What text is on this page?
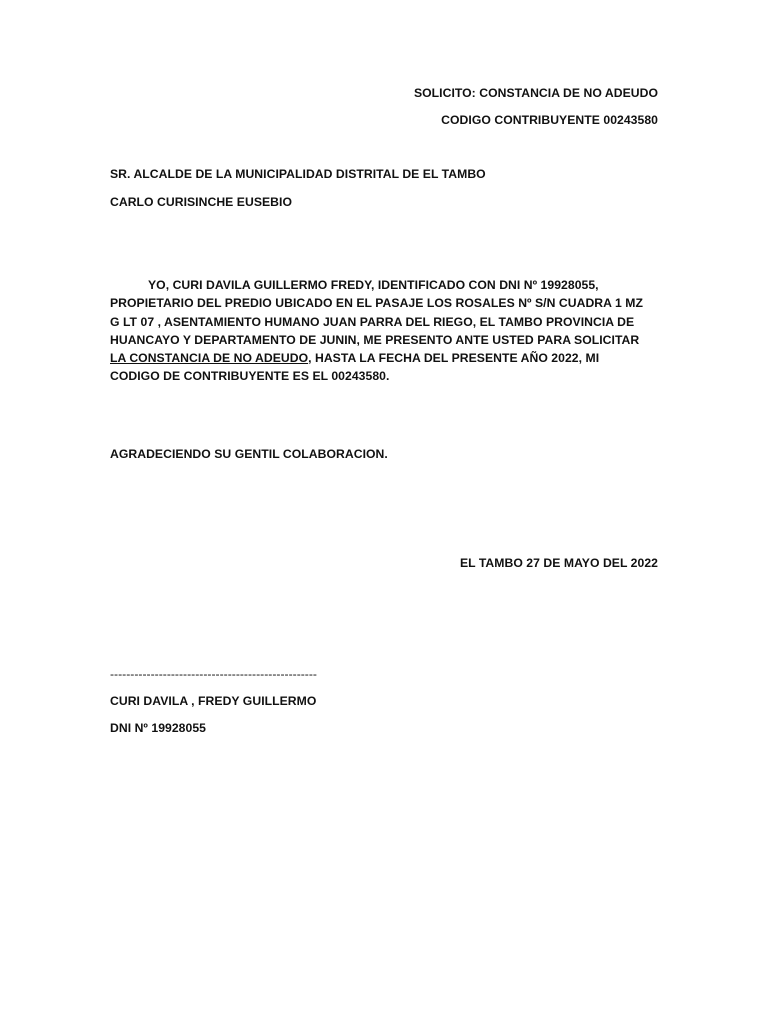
SOLICITO: CONSTANCIA DE NO ADEUDO
CODIGO CONTRIBUYENTE 00243580
SR. ALCALDE DE LA MUNICIPALIDAD DISTRITAL DE EL TAMBO
CARLO CURISINCHE EUSEBIO
YO, CURI DAVILA GUILLERMO FREDY, IDENTIFICADO CON DNI Nº 19928055, PROPIETARIO DEL PREDIO UBICADO EN EL PASAJE LOS ROSALES Nº S/N CUADRA 1 MZ G LT 07 , ASENTAMIENTO HUMANO JUAN PARRA DEL RIEGO, EL TAMBO PROVINCIA DE HUANCAYO Y DEPARTAMENTO DE JUNIN, ME PRESENTO ANTE USTED PARA SOLICITAR LA CONSTANCIA DE NO ADEUDO, HASTA LA FECHA DEL PRESENTE AÑO 2022, MI CODIGO DE CONTRIBUYENTE ES EL 00243580.
AGRADECIENDO SU GENTIL COLABORACION.
EL TAMBO 27 DE MAYO DEL 2022
---------------------------------------------------
CURI DAVILA , FREDY GUILLERMO
DNI Nº 19928055
